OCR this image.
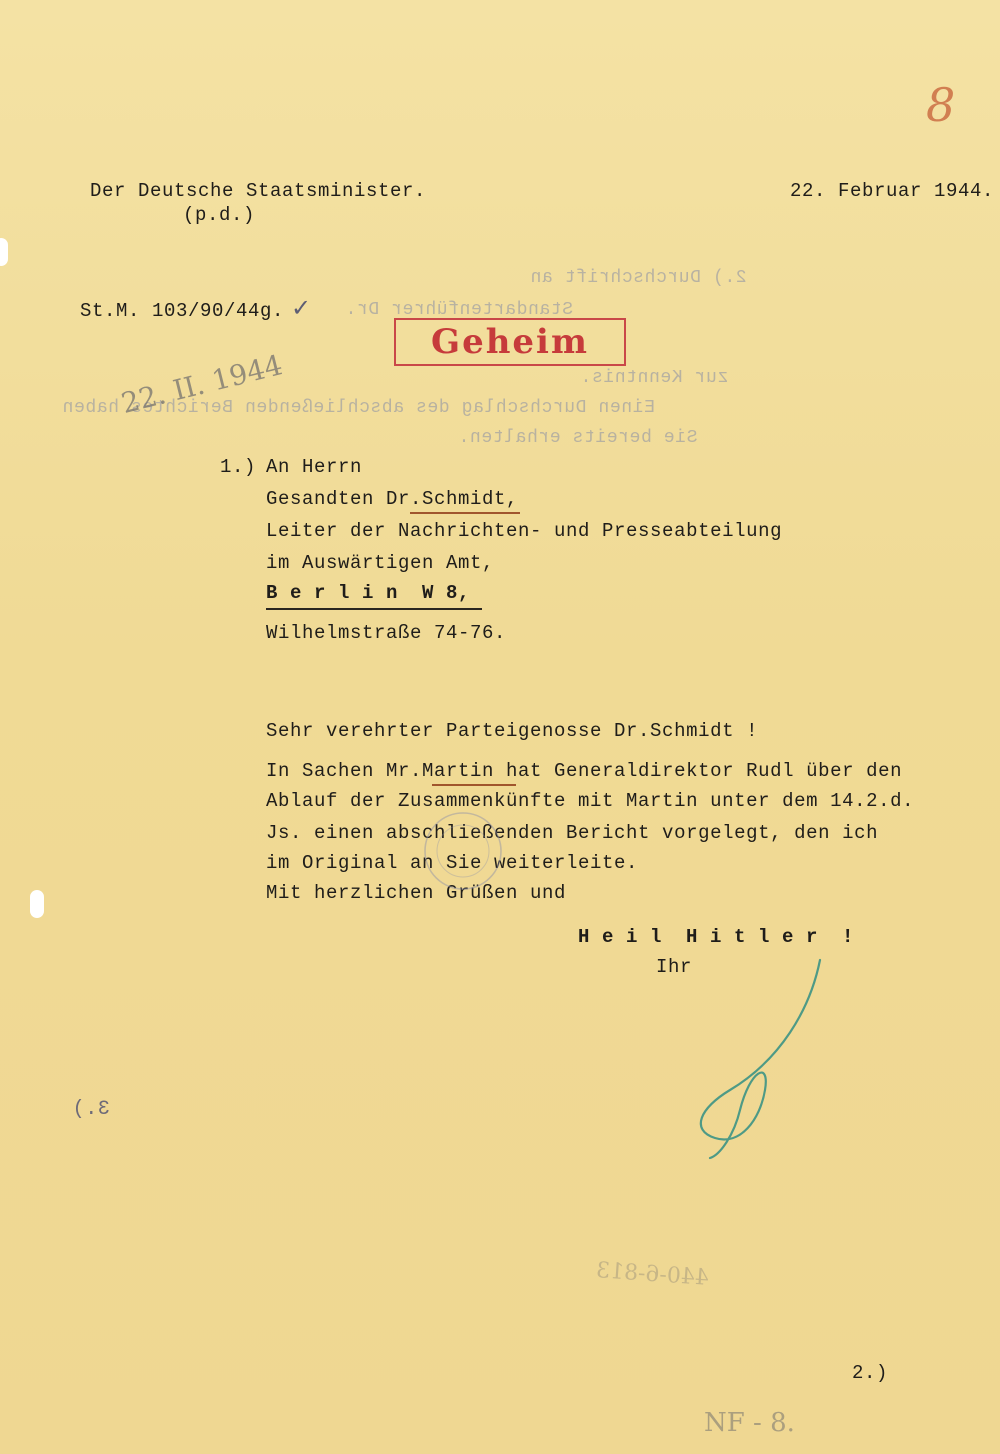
8
Der Deutsche Staatsminister.
(p.d.)
22. Februar 1944.
St.M. 103/90/44g. ✓
2.) Durchschrift an
Standartenführer Dr.
zur Kenntnis.
Einen Durchschlag des abschließenden Berichtes haben
Sie bereits erhalten.
Geheim
22. II. 1944
1.) An Herrn
Gesandten Dr.Schmidt,
Leiter der Nachrichten- und Presseabteilung
im Auswärtigen Amt,
B e r l i n  W 8,
Wilhelmstraße 74-76.
Sehr verehrter Parteigenosse Dr.Schmidt !
In Sachen Mr.Martin hat Generaldirektor Rudl über den
Ablauf der Zusammenkünfte mit Martin unter dem 14.2.d.
Js. einen abschließenden Bericht vorgelegt, den ich
im Original an Sie weiterleite.
Mit herzlichen Grüßen und
H e i l  H i t l e r  !
Ihr
3.)
440-6-813
2.)
NF - 8.
